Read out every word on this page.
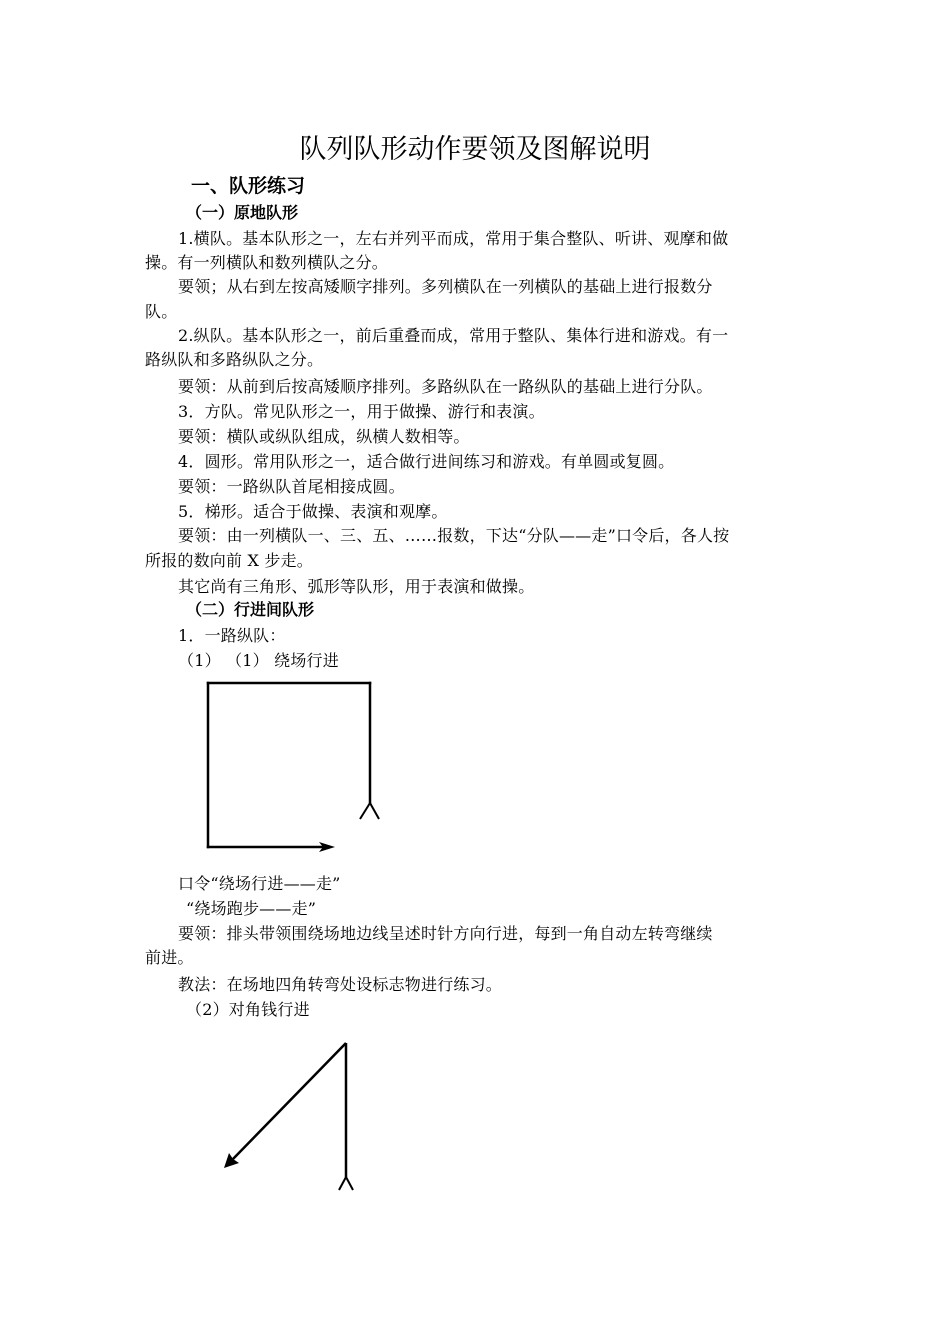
队列队形动作要领及图解说明
一、队形练习
（一）原地队形
1.横队。基本队形之一，左右并列平而成，常用于集合整队、听讲、观摩和做
操。有一列横队和数列横队之分。
要领；从右到左按高矮顺字排列。多列横队在一列横队的基础上进行报数分
队。
2.纵队。基本队形之一，前后重叠而成，常用于整队、集体行进和游戏。有一
路纵队和多路纵队之分。
要领：从前到后按高矮顺序排列。多路纵队在一路纵队的基础上进行分队。
3．方队。常见队形之一，用于做操、游行和表演。
要领：横队或纵队组成，纵横人数相等。
4．圆形。常用队形之一，适合做行进间练习和游戏。有单圆或复圆。
要领：一路纵队首尾相接成圆。
5．梯形。适合于做操、表演和观摩。
要领：由一列横队一、三、五、……报数，下达“分队——走”口令后，各人按
所报的数向前 X 步走。
其它尚有三角形、弧形等队形，用于表演和做操。
（二）行进间队形
1．一路纵队：
（1） （1） 绕场行进
口令“绕场行进——走”
“绕场跑步——走”
要领：排头带领围绕场地边线呈述时针方向行进，每到一角自动左转弯继续
前进。
教法：在场地四角转弯处设标志物进行练习。
（2）对角钱行进
